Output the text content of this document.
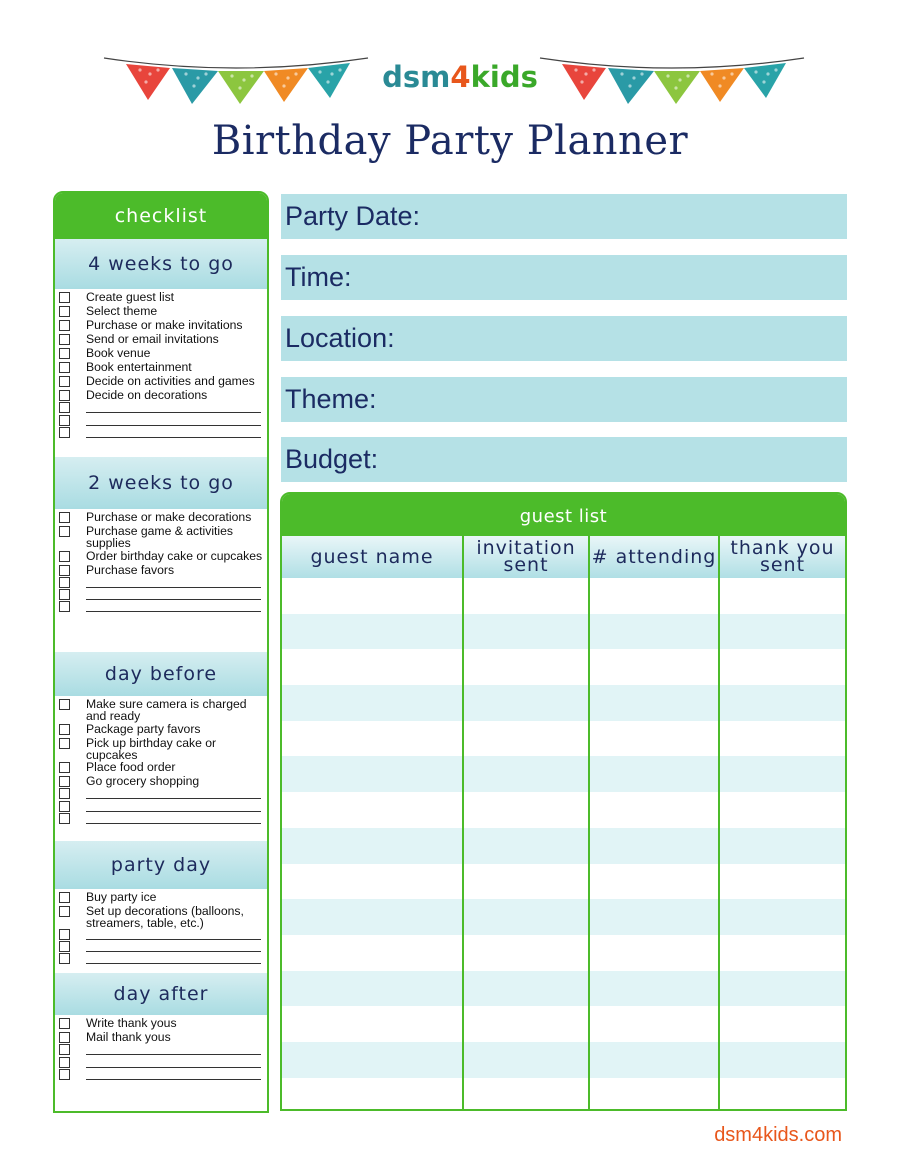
dsm4kids
Birthday Party Planner
checklist
4 weeks to go
Create guest list
Select theme
Purchase or make invitations
Send or email invitations
Book venue
Book entertainment
Decide on activities and games
Decide on decorations
2 weeks to go
Purchase or make decorations
Purchase game & activities supplies
Order birthday cake or cupcakes
Purchase favors
day before
Make sure camera is charged and ready
Package party favors
Pick up birthday cake or cupcakes
Place food order
Go grocery shopping
party day
Buy party ice
Set up decorations (balloons, streamers, table, etc.)
day after
Write thank yous
Mail thank yous
Party Date:
Time:
Location:
Theme:
Budget:
guest list
guest name	invitation sent	# attending thank you sent
dsm4kids.com
